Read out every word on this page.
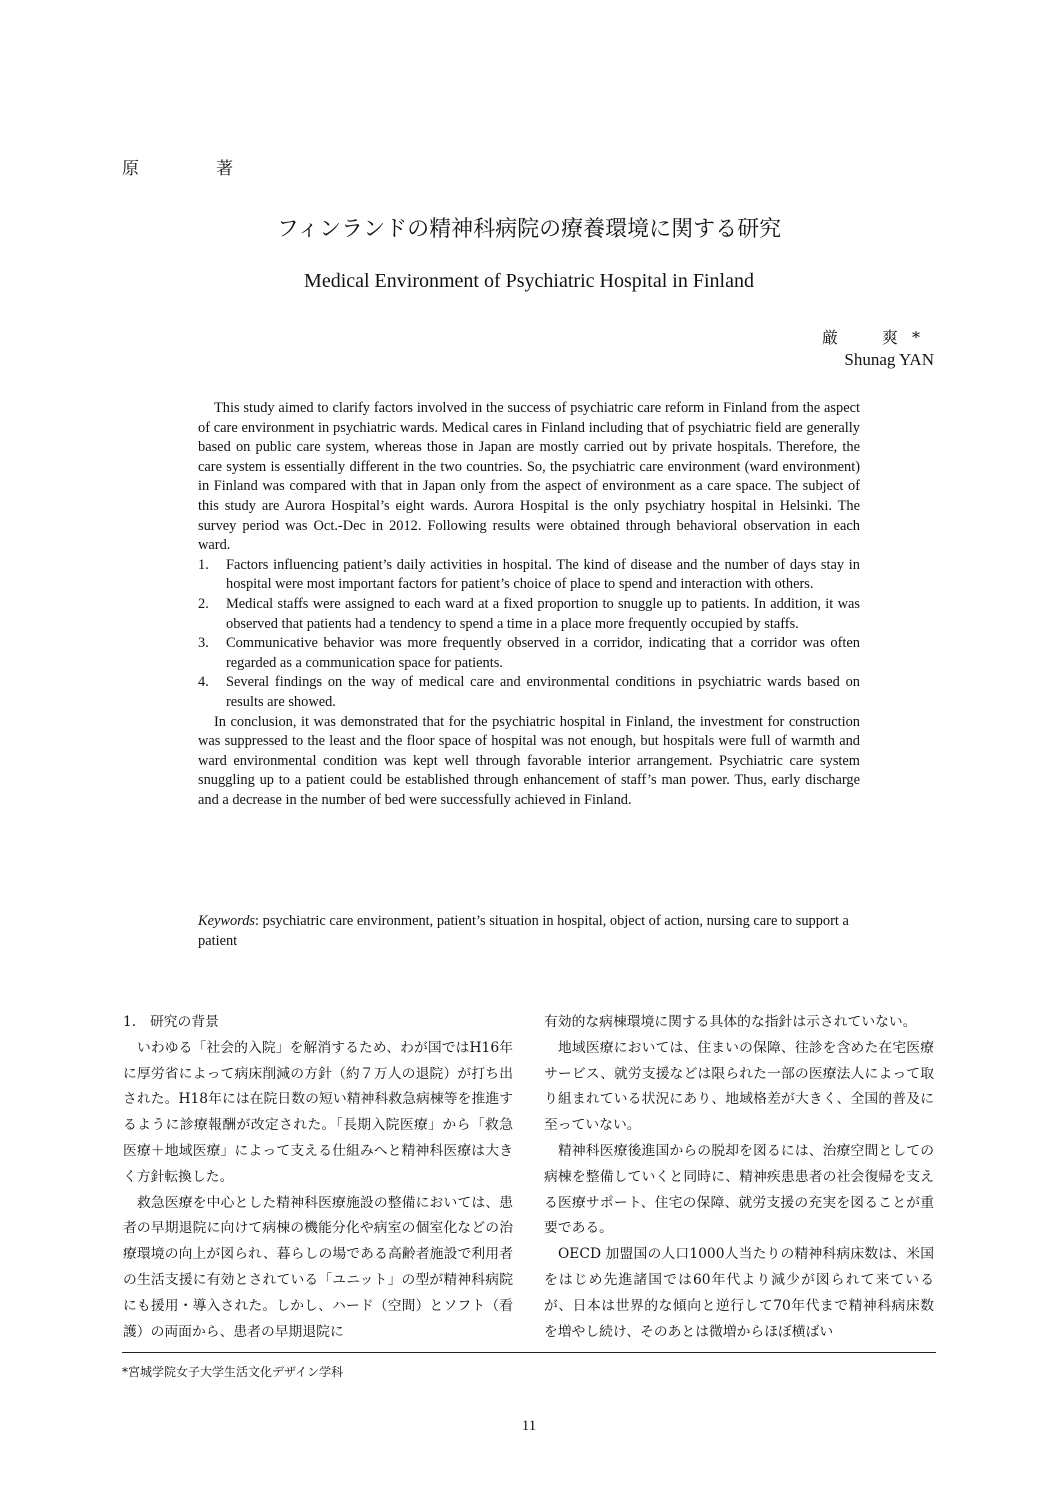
原　著
フィンランドの精神科病院の療養環境に関する研究
Medical Environment of Psychiatric Hospital in Finland
厳　爽*
Shunag YAN

This study aimed to clarify factors involved in the success of psychiatric care reform in Finland from the aspect of care environment in psychiatric wards. Medical cares in Finland including that of psychiatric field are generally based on public care system, whereas those in Japan are mostly carried out by private hospitals. Therefore, the care system is essentially different in the two countries. So, the psychiatric care environment (ward environment) in Finland was compared with that in Japan only from the aspect of environment as a care space. The subject of this study are Aurora Hospital’s eight wards. Aurora Hospital is the only psychiatry hospital in Helsinki. The survey period was Oct.-Dec in 2012. Following results were obtained through behavioral observation in each ward.

1. Factors influencing patient’s daily activities in hospital. The kind of disease and the number of days stay in hospital were most important factors for patient’s choice of place to spend and interaction with others.
2. Medical staffs were assigned to each ward at a fixed proportion to snuggle up to patients. In addition, it was observed that patients had a tendency to spend a time in a place more frequently occupied by staffs.
3. Communicative behavior was more frequently observed in a corridor, indicating that a corridor was often regarded as a communication space for patients.
4. Several findings on the way of medical care and environmental conditions in psychiatric wards based on results are showed.

In conclusion, it was demonstrated that for the psychiatric hospital in Finland, the investment for construction was suppressed to the least and the floor space of hospital was not enough, but hospitals were full of warmth and ward environmental condition was kept well through favorable interior arrangement. Psychiatric care system snuggling up to a patient could be established through enhancement of staff’s man power. Thus, early discharge and a decrease in the number of bed were successfully achieved in Finland.

Keywords: psychiatric care environment, patient’s situation in hospital, object of action, nursing care to support a patient
1.　研究の背景

いわゆる「社会的入院」を解消するため、わが国ではH16年に厚労省によって病床削減の方針（約７万人の退院）が打ち出された。H18年には在院日数の短い精神科救急病棟等を推進するように診療報酬が改定された。「長期入院医療」から「救急医療＋地域医療」によって支える仕組みへと精神科医療は大きく方針転換した。

救急医療を中心とした精神科医療施設の整備においては、患者の早期退院に向けて病棟の機能分化や病室の個室化などの治療環境の向上が図られ、暮らしの場である高齢者施設で利用者の生活支援に有効とされている「ユニット」の型が精神科病院にも援用・導入された。しかし、ハード（空間）とソフト（看護）の両面から、患者の早期退院に

有効的な病棟環境に関する具体的な指針は示されていない。

地域医療においては、住まいの保障、往診を含めた在宅医療サービス、就労支援などは限られた一部の医療法人によって取り組まれている状況にあり、地域格差が大きく、全国的普及に至っていない。

精神科医療後進国からの脱却を図るには、治療空間としての病棟を整備していくと同時に、精神疾患患者の社会復帰を支える医療サポート、住宅の保障、就労支援の充実を図ることが重要である。

OECD 加盟国の人口1000人当たりの精神科病床数は、米国をはじめ先進諸国では60年代より減少が図られて来ているが、日本は世界的な傾向と逆行して70年代まで精神科病床数を増やし続け、そのあとは微増からほぼ横ばい

*宮城学院女子大学生活文化デザイン学科
11
